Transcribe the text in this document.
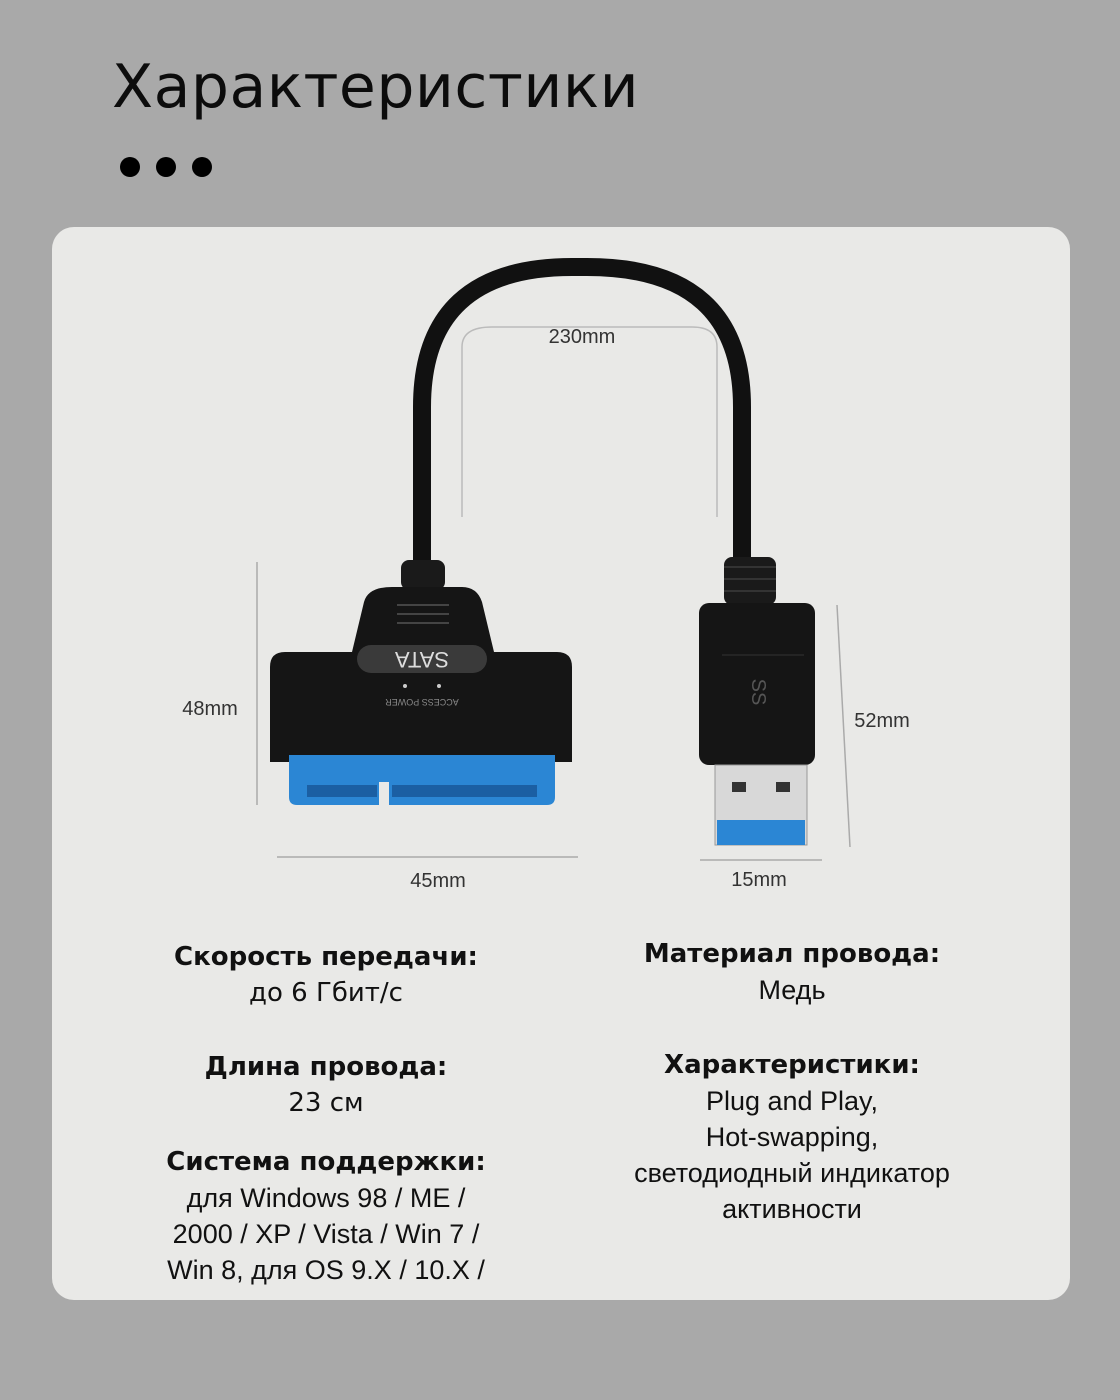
Характеристики
SATA
ACCESS POWER	SS
230mm
48mm
45mm
52mm
15mm
Скорость передачи:
до 6 Гбит/с
Длина провода:
23 см
Система поддержки:
для Windows 98 / ME /
2000 / XP / Vista / Win 7 /
Win 8, для OS 9.X / 10.X /
Материал провода:
Медь
Характеристики:
Plug and Play,
Hot-swapping,
светодиодный индикатор
активности
